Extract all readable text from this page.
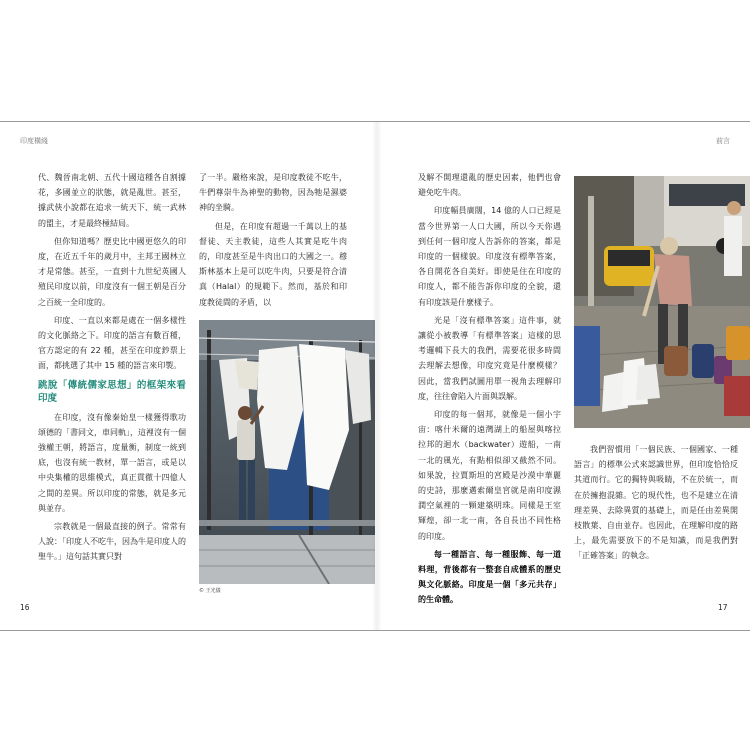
印度橫綫

代、魏晉南北朝、五代十國這種各自割據花，多國並立的狀態，就是亂世。甚至，據武俠小說都在追求一統天下、統一武林的盟主，才是最終極結局。

但你知道嗎？歷史比中國更悠久的印度，在近五千年的歲月中，主邦王國林立才是常態。甚至，一直到十九世紀英國人殖民印度以前，印度沒有一個王朝是百分之百統一全印度的。

印度、一直以來都是處在一個多樣性的文化脈絡之下。印度的語言有數百種，官方認定的有 22 種，甚至在印度鈔票上面，都挑選了其中 15 種的語言來印製。

跳脫「傳統儒家思想」的框架來看印度

在印度，沒有像秦始皇一樣獲得歌功頌德的「書同文，車同軌」，這裡沒有一個強權王朝，將語言，度量衡，制度一統到底，也沒有統一教材，單一語言，或是以中央集權的思維模式，真正貫徹十四億人之間的差異。所以印度的常態，就是多元與並存。

宗教就是一個最直接的例子。常常有人說：「印度人不吃牛，因為牛是印度人的聖牛。」這句話其實只對

了一半。嚴格來說，是印度教徒不吃牛，牛們尊崇牛為神聖的動物，因為牠是濕婆神的坐騎。

但是，在印度有超過一千萬以上的基督徒、天主教徒，這些人其實是吃牛肉的，印度甚至是牛肉出口的大國之一。穆斯林基本上是可以吃牛肉，只要是符合清真（Halal）的規範下。然而，基於和印度教徒間的矛盾，以

© 王光儀
16
前言

及解不開理還亂的歷史因素，他們也會避免吃牛肉。

印度幅員廣闊，14 億的人口已經是當今世界第一人口大國，所以今天你遇到任何一個印度人告訴你的答案，都是印度的一個樣貌。印度沒有標準答案，各自開花各自美好。即使是住在印度的印度人，都不能告訴你印度的全貌，還有印度該是什麼樣子。

光是「沒有標準答案」這件事，就讓從小被教導「有標準答案」這樣的思考邏輯下長大的我們，需要花很多時間去理解去想像，印度究竟是什麼模樣？因此，當我們試圖用單一視角去理解印度，往往會陷入片面與誤解。

印度的每一個邦，就像是一個小宇宙：喀什米爾的遠灣湖上的船屋與喀拉拉邦的迴水（backwater）遊船，一南一北的風光，有點相似卻又截然不同。如果說，拉賈斯坦的宮殿是沙漠中華麗的史詩，那麼邁索爾皇宮就是南印度濕潤空氣裡的一顆建築明珠。同樣是王室輝煌，卻一北一南，各自長出不同性格的印度。

每一種語言、每一種服飾、每一道料理，背後都有一整套自成體系的歷史與文化脈絡。印度是一個「多元共存」的生命體。

我們習慣用「一個民族、一個國家、一種語言」的標準公式來認識世界，但印度恰恰反其道而行。它的獨特與吸睛，不在於統一，而在於擁抱混雜。它的現代性，也不是建立在清理差異、去除異質的基礎上，而是任由差異開枝散葉、自由並存。也因此，在理解印度的路上，最先需要放下的不是知識，而是我們對「正確答案」的執念。

17
